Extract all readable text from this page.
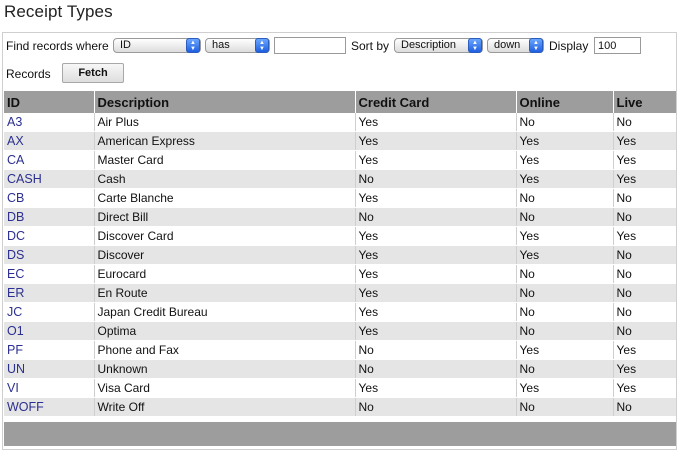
Receipt Types
Find records where	ID	▲
▼	has	▲
▼	Sort by	Description	▲
▼	down	▲
▼ Display
100
Records	Fetch
ID	Description	Credit Card	Online	Live
A3	Air Plus	Yes	No	No
AX	American Express	Yes	Yes	Yes
CA	Master Card	Yes	Yes	Yes
CASH	Cash	No	Yes	Yes
CB	Carte Blanche	Yes	No	No
DB	Direct Bill	No	No	No
DC	Discover Card	Yes	Yes	Yes
DS	Discover	Yes	Yes	No
EC	Eurocard	Yes	No	No
ER	En Route	Yes	No	No
JC	Japan Credit Bureau	Yes	No	No
O1	Optima	Yes	No	No
PF	Phone and Fax	No	Yes	Yes
UN	Unknown	No	No	Yes
VI	Visa Card	Yes	Yes	Yes
WOFF	Write Off	No	No	No
